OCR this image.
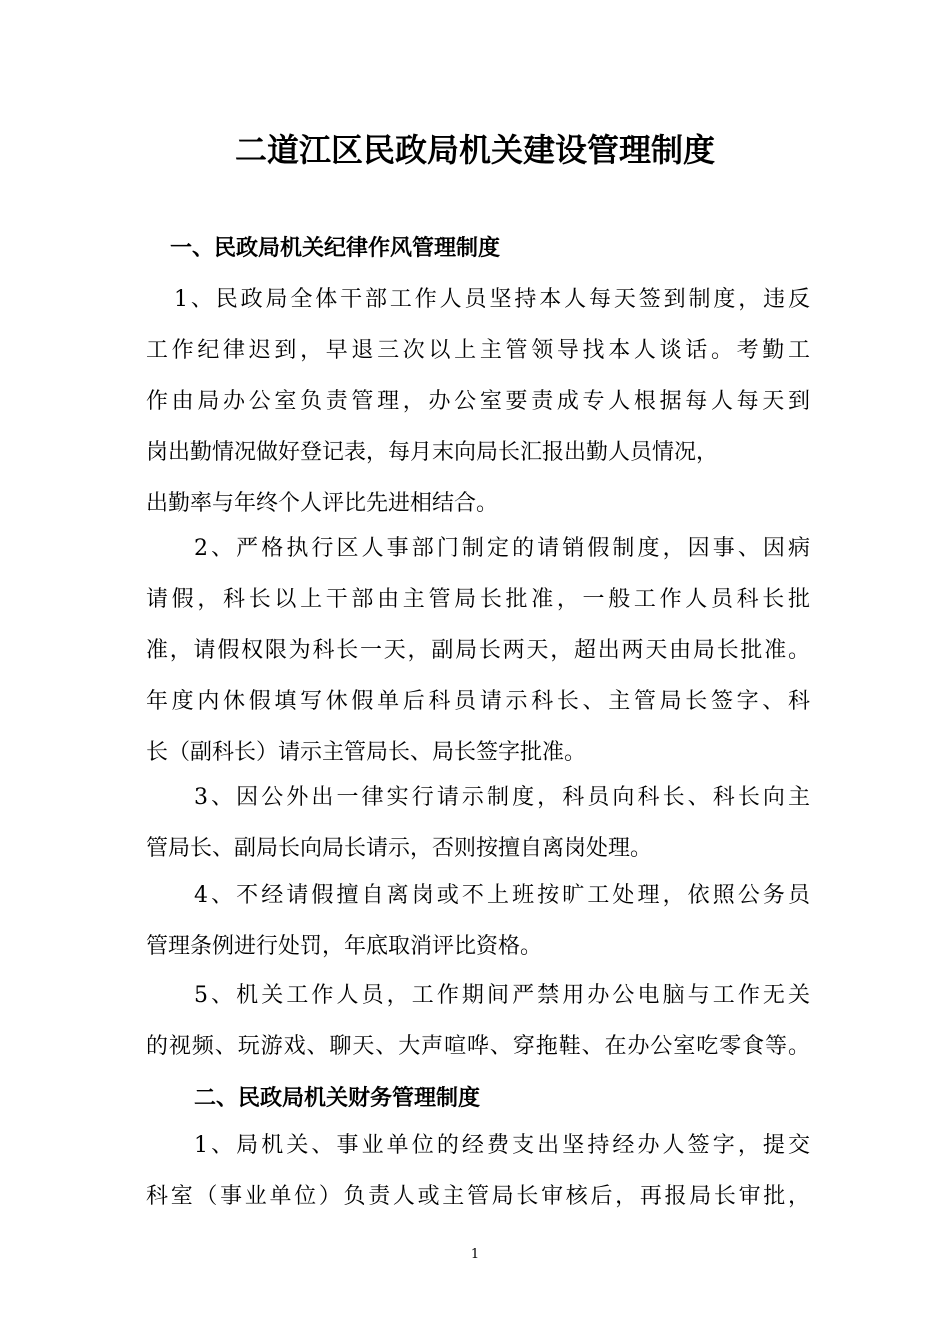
二道江区民政局机关建设管理制度
一、民政局机关纪律作风管理制度
1、民政局全体干部工作人员坚持本人每天签到制度，违反
工作纪律迟到，早退三次以上主管领导找本人谈话。考勤工
作由局办公室负责管理，办公室要责成专人根据每人每天到
岗出勤情况做好登记表，每月末向局长汇报出勤人员情况，
出勤率与年终个人评比先进相结合。
2、严格执行区人事部门制定的请销假制度，因事、因病
请假，科长以上干部由主管局长批准，一般工作人员科长批
准，请假权限为科长一天，副局长两天，超出两天由局长批准。
年度内休假填写休假单后科员请示科长、主管局长签字、科
长（副科长）请示主管局长、局长签字批准。
3、因公外出一律实行请示制度，科员向科长、科长向主
管局长、副局长向局长请示，否则按擅自离岗处理。
4、不经请假擅自离岗或不上班按旷工处理，依照公务员
管理条例进行处罚，年底取消评比资格。
5、机关工作人员，工作期间严禁用办公电脑与工作无关
的视频、玩游戏、聊天、大声喧哗、穿拖鞋、在办公室吃零食等。
二、民政局机关财务管理制度
1、局机关、事业单位的经费支出坚持经办人签字，提交
科室（事业单位）负责人或主管局长审核后，再报局长审批，
1
